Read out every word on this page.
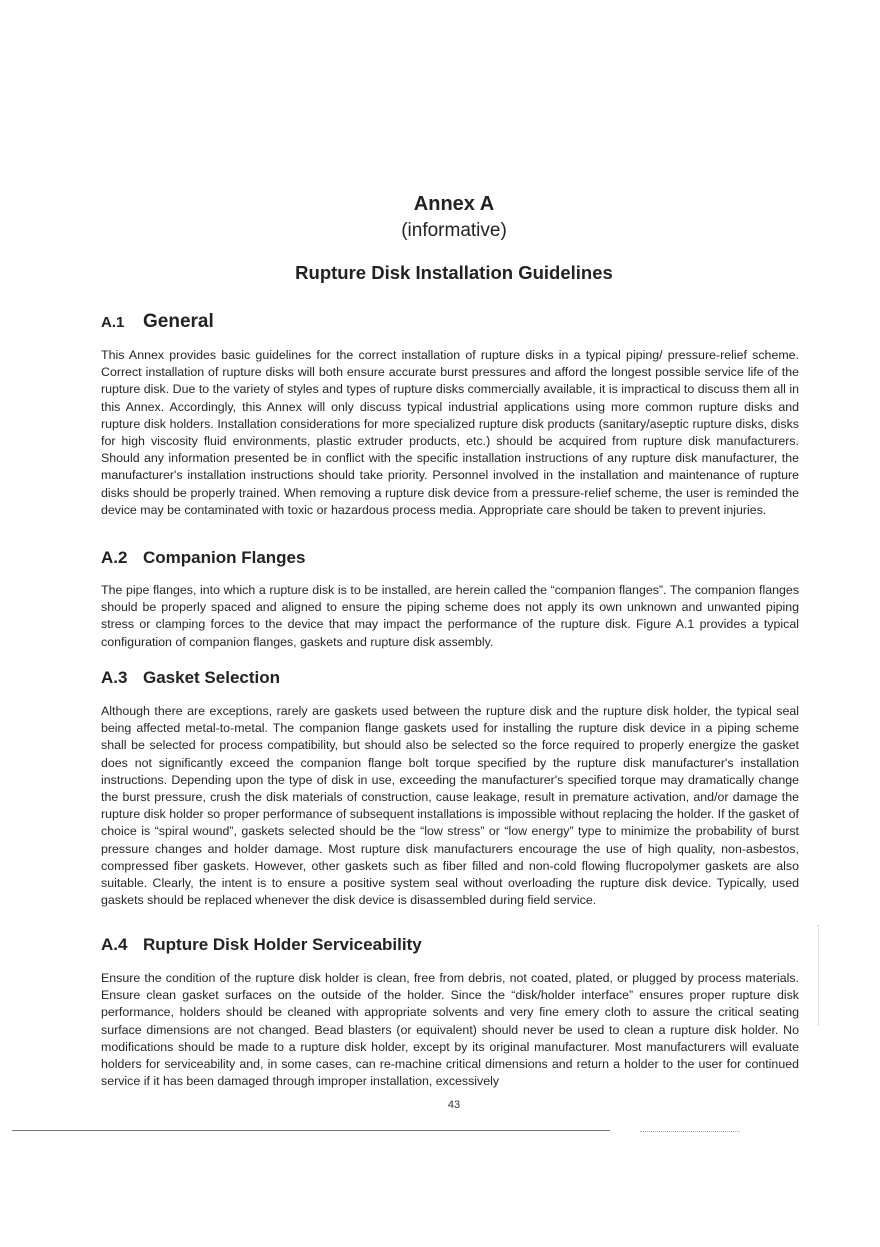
Annex A
(informative)
Rupture Disk Installation Guidelines
A.1 General

This Annex provides basic guidelines for the correct installation of rupture disks in a typical piping/ pressure-relief scheme. Correct installation of rupture disks will both ensure accurate burst pressures and afford the longest possible service life of the rupture disk. Due to the variety of styles and types of rupture disks commercially available, it is impractical to discuss them all in this Annex. Accordingly, this Annex will only discuss typical industrial applications using more common rupture disks and rupture disk holders. Installation considerations for more specialized rupture disk products (sanitary/aseptic rupture disks, disks for high viscosity fluid environments, plastic extruder products, etc.) should be acquired from rupture disk manufacturers. Should any information presented be in conflict with the specific installation instructions of any rupture disk manufacturer, the manufacturer's installation instructions should take priority. Personnel involved in the installation and maintenance of rupture disks should be properly trained. When removing a rupture disk device from a pressure-relief scheme, the user is reminded the device may be contaminated with toxic or hazardous process media. Appropriate care should be taken to prevent injuries.

A.2 Companion Flanges

The pipe flanges, into which a rupture disk is to be installed, are herein called the “companion flanges”. The companion flanges should be properly spaced and aligned to ensure the piping scheme does not apply its own unknown and unwanted piping stress or clamping forces to the device that may impact the performance of the rupture disk. Figure A.1 provides a typical configuration of companion flanges, gaskets and rupture disk assembly.

A.3 Gasket Selection

Although there are exceptions, rarely are gaskets used between the rupture disk and the rupture disk holder, the typical seal being affected metal-to-metal. The companion flange gaskets used for installing the rupture disk device in a piping scheme shall be selected for process compatibility, but should also be selected so the force required to properly energize the gasket does not significantly exceed the companion flange bolt torque specified by the rupture disk manufacturer's installation instructions. Depending upon the type of disk in use, exceeding the manufacturer's specified torque may dramatically change the burst pressure, crush the disk materials of construction, cause leakage, result in premature activation, and/or damage the rupture disk holder so proper performance of subsequent installations is impossible without replacing the holder. If the gasket of choice is “spiral wound”, gaskets selected should be the “low stress” or “low energy” type to minimize the probability of burst pressure changes and holder damage. Most rupture disk manufacturers encourage the use of high quality, non-asbestos, compressed fiber gaskets. However, other gaskets such as fiber filled and non-cold flowing flucropolymer gaskets are also suitable. Clearly, the intent is to ensure a positive system seal without overloading the rupture disk device. Typically, used gaskets should be replaced whenever the disk device is disassembled during field service.

A.4 Rupture Disk Holder Serviceability

Ensure the condition of the rupture disk holder is clean, free from debris, not coated, plated, or plugged by process materials. Ensure clean gasket surfaces on the outside of the holder. Since the “disk/holder interface” ensures proper rupture disk performance, holders should be cleaned with appropriate solvents and very fine emery cloth to assure the critical seating surface dimensions are not changed. Bead blasters (or equivalent) should never be used to clean a rupture disk holder. No modifications should be made to a rupture disk holder, except by its original manufacturer. Most manufacturers will evaluate holders for serviceability and, in some cases, can re-machine critical dimensions and return a holder to the user for continued service if it has been damaged through improper installation, excessively

43
